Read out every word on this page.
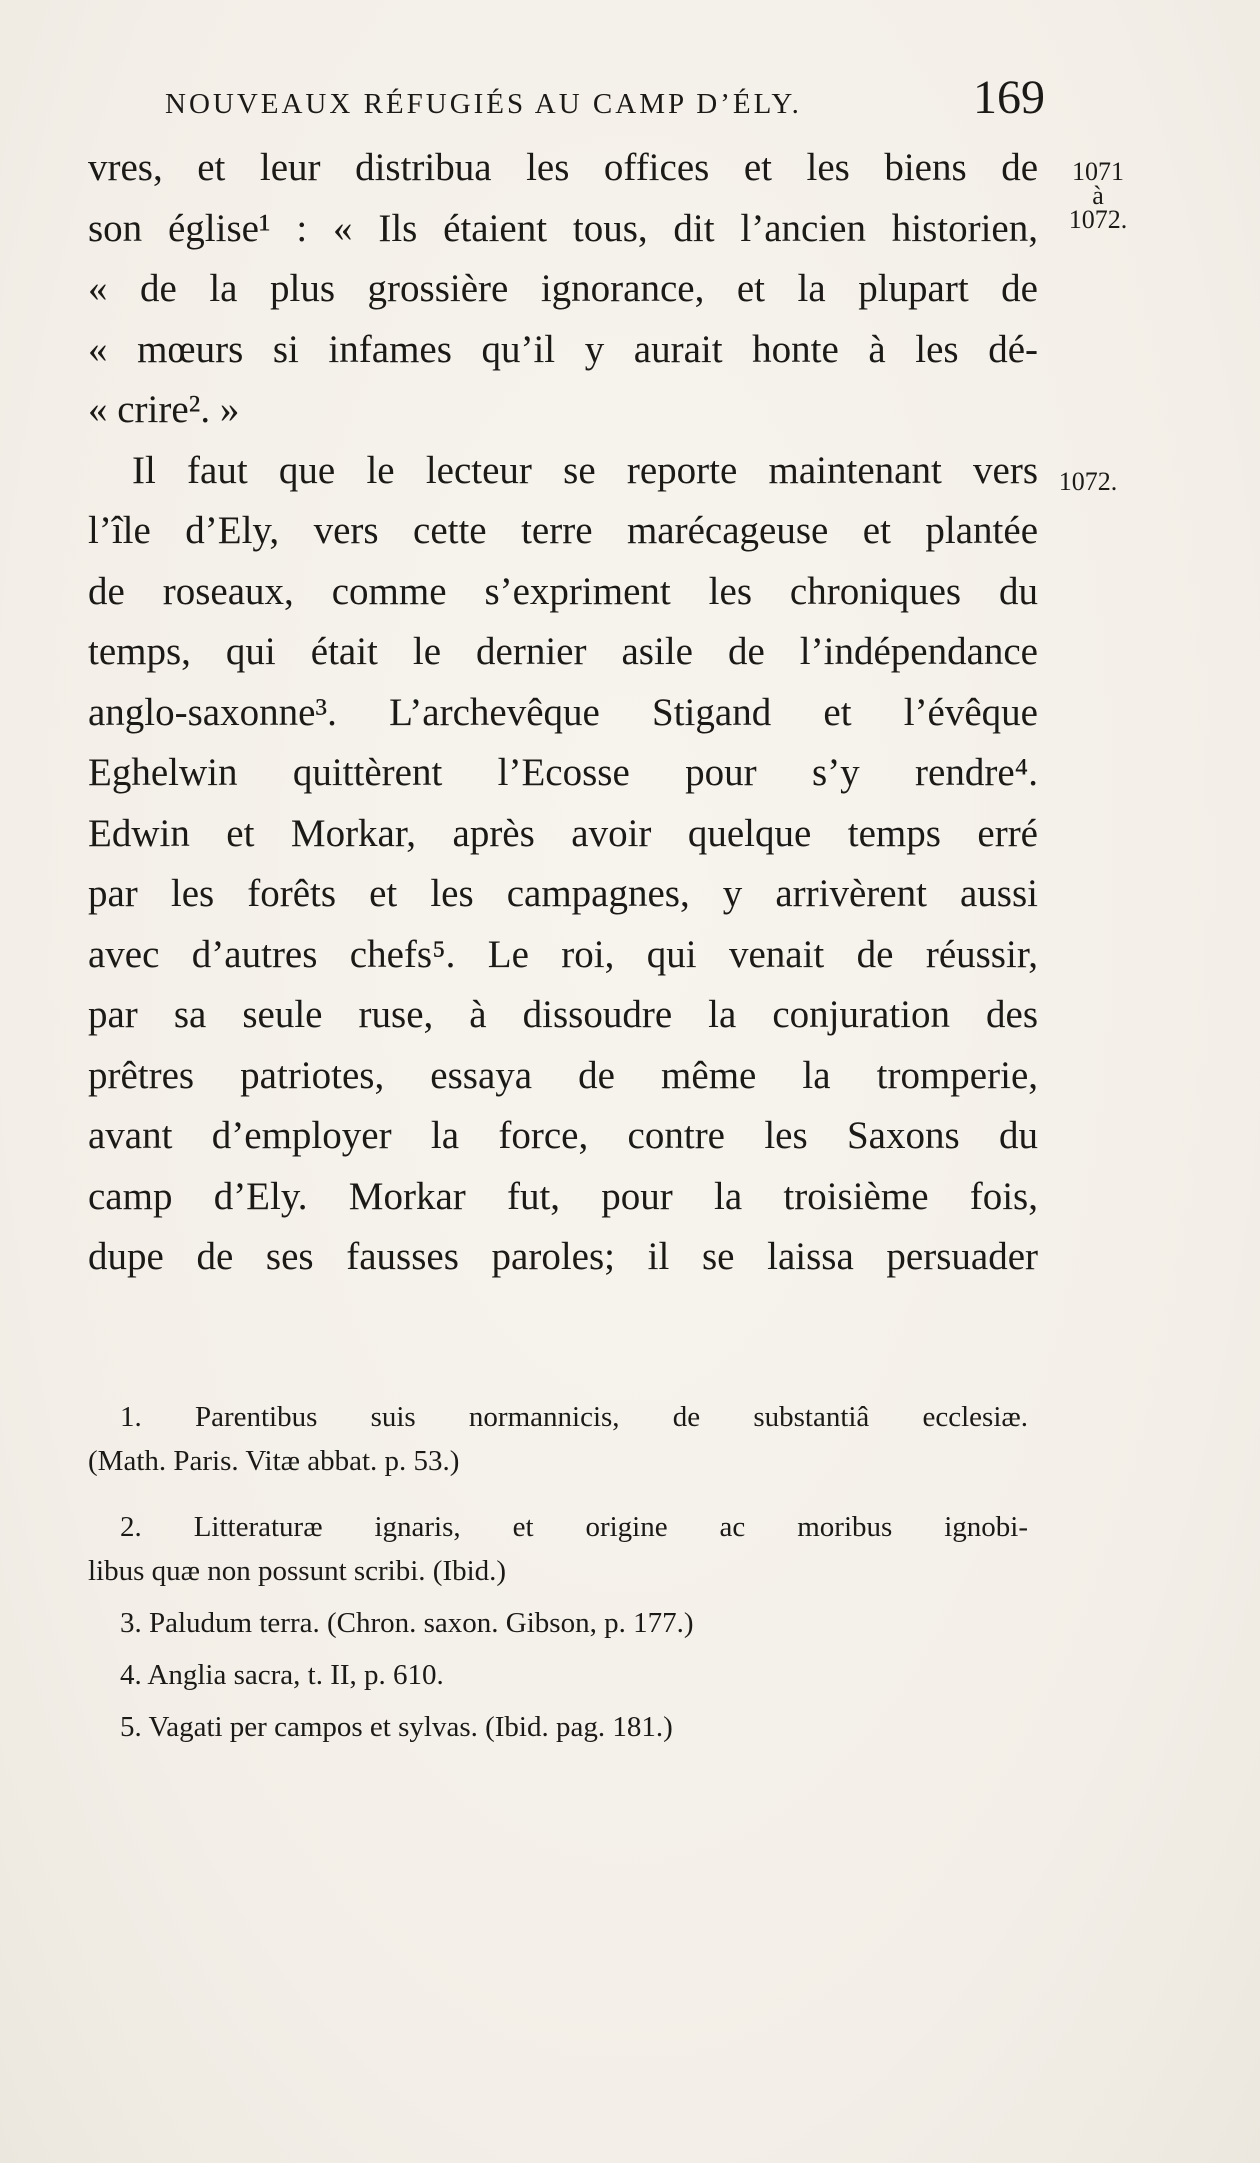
NOUVEAUX RÉFUGIÉS AU CAMP D’ÉLY.	169
1071
à
1072.
1072.
vres, et leur distribua les offices et les biens de
son église¹ : « Ils étaient tous, dit l’ancien historien,
« de la plus grossière ignorance, et la plupart de
« mœurs si infames qu’il y aurait honte à les dé-
« crire². »
Il faut que le lecteur se reporte maintenant vers
l’île d’Ely, vers cette terre marécageuse et plantée
de roseaux, comme s’expriment les chroniques du
temps, qui était le dernier asile de l’indépendance
anglo-saxonne³. L’archevêque Stigand et l’évêque
Eghelwin quittèrent l’Ecosse pour s’y rendre⁴.
Edwin et Morkar, après avoir quelque temps erré
par les forêts et les campagnes, y arrivèrent aussi
avec d’autres chefs⁵. Le roi, qui venait de réussir,
par sa seule ruse, à dissoudre la conjuration des
prêtres patriotes, essaya de même la tromperie,
avant d’employer la force, contre les Saxons du
camp d’Ely. Morkar fut, pour la troisième fois,
dupe de ses fausses paroles; il se laissa persuader
1. Parentibus suis normannicis, de substantiâ ecclesiæ.
(Math. Paris. Vitæ abbat. p. 53.)
2. Litteraturæ ignaris, et origine ac moribus ignobi-
libus quæ non possunt scribi. (Ibid.)
3. Paludum terra. (Chron. saxon. Gibson, p. 177.)
4. Anglia sacra, t. II, p. 610.
5. Vagati per campos et sylvas. (Ibid. pag. 181.)
